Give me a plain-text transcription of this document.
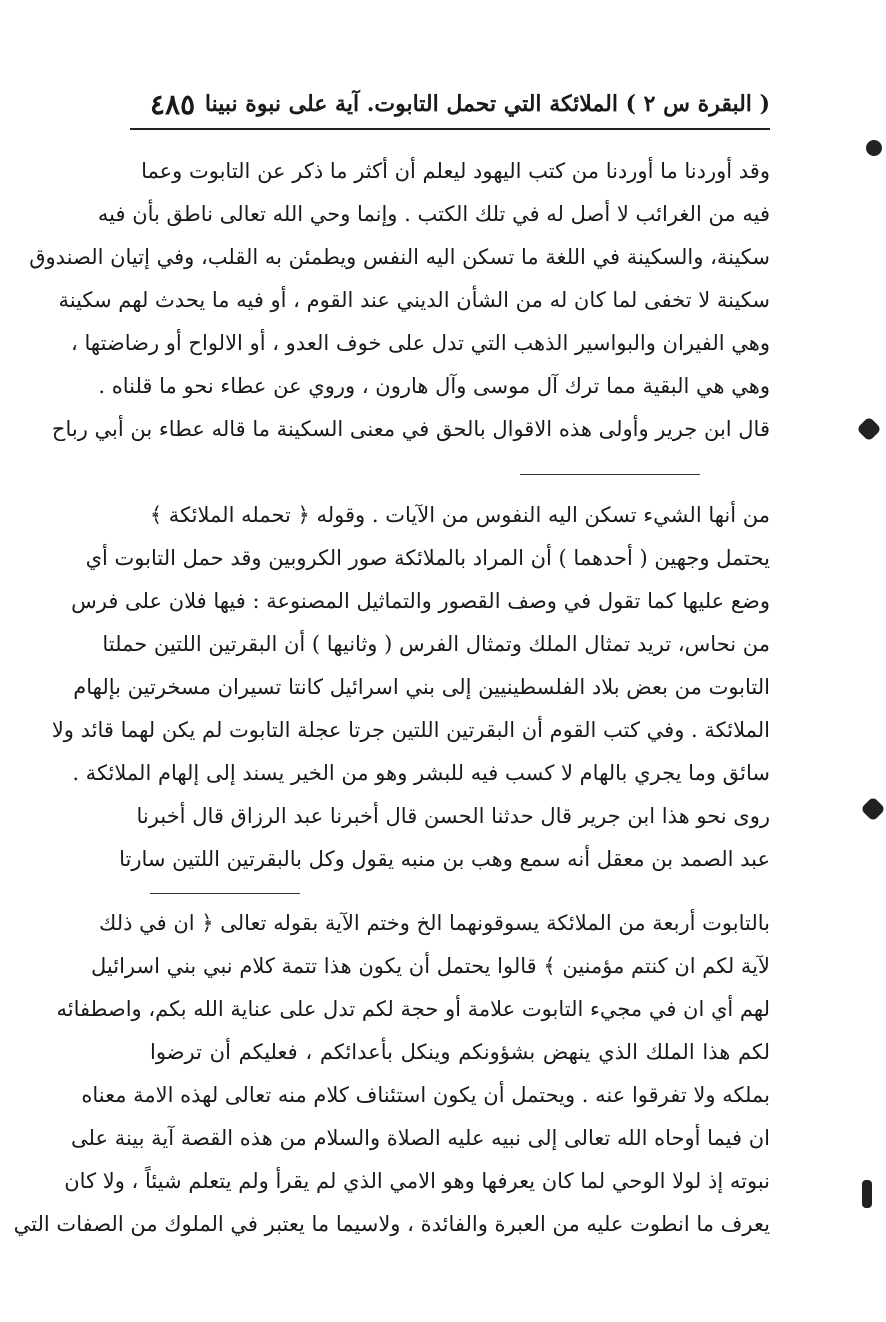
( البقرة س ٢ ) الملائكة التي تحمل التابوت. آية على نبوة نبينا
٤٨٥
وقد أوردنا ما أوردنا من كتب اليهود ليعلم أن أكثر ما ذكر عن التابوت وعما
فيه من الغرائب لا أصل له في تلك الكتب . وإنما وحي الله تعالى ناطق بأن فيه
سكينة، والسكينة في اللغة ما تسكن اليه النفس ويطمئن به القلب، وفي إتيان الصندوق
سكينة لا تخفى لما كان له من الشأن الديني عند القوم ، أو فيه ما يحدث لهم سكينة
وهي الفيران والبواسير الذهب التي تدل على خوف العدو ، أو الالواح أو رضاضتها ،
وهي هي البقية مما ترك آل موسى وآل هارون ، وروي عن عطاء نحو ما قلناه .
قال ابن جرير وأولى هذه الاقوال بالحق في معنى السكينة ما قاله عطاء بن أبي رباح
من أنها الشيء تسكن اليه النفوس من الآيات . وقوله ﴿ تحمله الملائكة ﴾
يحتمل وجهين ( أحدهما ) أن المراد بالملائكة صور الكروبين وقد حمل التابوت أي
وضع عليها كما تقول في وصف القصور والتماثيل المصنوعة : فيها فلان على فرس
من نحاس، تريد تمثال الملك وتمثال الفرس ( وثانيها ) أن البقرتين اللتين حملتا
التابوت من بعض بلاد الفلسطينيين إلى بني اسرائيل كانتا تسيران مسخرتين بإلهام
الملائكة . وفي كتب القوم أن البقرتين اللتين جرتا عجلة التابوت لم يكن لهما قائد ولا
سائق وما يجري بالهام لا كسب فيه للبشر وهو من الخير يسند إلى إلهام الملائكة .
روى نحو هذا ابن جرير قال حدثنا الحسن قال أخبرنا عبد الرزاق قال أخبرنا
عبد الصمد بن معقل أنه سمع وهب بن منبه يقول وكل بالبقرتين اللتين سارتا
بالتابوت أربعة من الملائكة يسوقونهما الخ وختم الآية بقوله تعالى ﴿ ان في ذلك
لآية لكم ان كنتم مؤمنين ﴾ قالوا يحتمل أن يكون هذا تتمة كلام نبي بني اسرائيل
لهم أي ان في مجيء التابوت علامة أو حجة لكم تدل على عناية الله بكم، واصطفائه
لكم هذا الملك الذي ينهض بشؤونكم وينكل بأعدائكم ، فعليكم أن ترضوا
بملكه ولا تفرقوا عنه . ويحتمل أن يكون استئناف كلام منه تعالى لهذه الامة معناه
ان فيما أوحاه الله تعالى إلى نبيه عليه الصلاة والسلام من هذه القصة آية بينة على
نبوته إذ لولا الوحي لما كان يعرفها وهو الامي الذي لم يقرأ ولم يتعلم شيئاً ، ولا كان
يعرف ما انطوت عليه من العبرة والفائدة ، ولاسيما ما يعتبر في الملوك من الصفات التي
